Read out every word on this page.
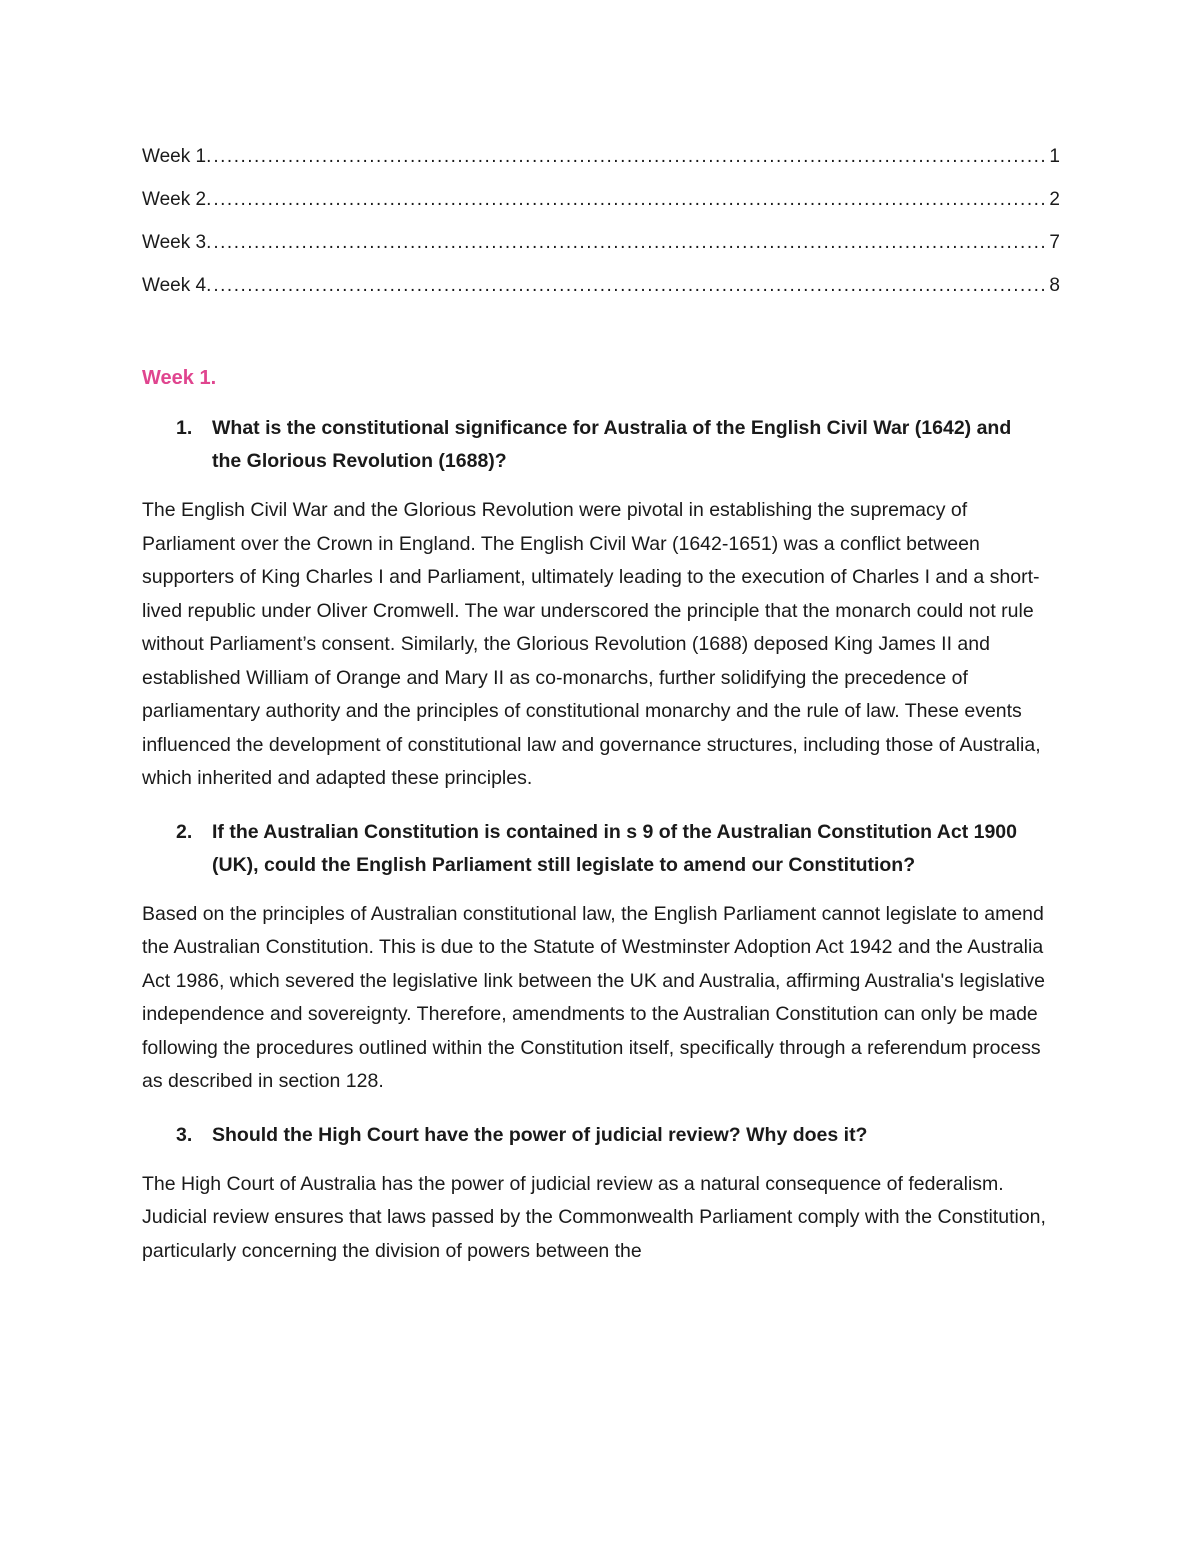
Week 1. .....	1
Week 2. .....	2
Week 3. .....	7
Week 4. .....	8
Week 1.
1.	What is the constitutional significance for Australia of the English Civil War (1642) and the Glorious Revolution (1688)?

The English Civil War and the Glorious Revolution were pivotal in establishing the supremacy of Parliament over the Crown in England. The English Civil War (1642-1651) was a conflict between supporters of King Charles I and Parliament, ultimately leading to the execution of Charles I and a short-lived republic under Oliver Cromwell. The war underscored the principle that the monarch could not rule without Parliament’s consent. Similarly, the Glorious Revolution (1688) deposed King James II and established William of Orange and Mary II as co-monarchs, further solidifying the precedence of parliamentary authority and the principles of constitutional monarchy and the rule of law. These events influenced the development of constitutional law and governance structures, including those of Australia, which inherited and adapted these principles.

2.	If the Australian Constitution is contained in s 9 of the Australian Constitution Act 1900 (UK), could the English Parliament still legislate to amend our Constitution?

Based on the principles of Australian constitutional law, the English Parliament cannot legislate to amend the Australian Constitution. This is due to the Statute of Westminster Adoption Act 1942 and the Australia Act 1986, which severed the legislative link between the UK and Australia, affirming Australia's legislative independence and sovereignty. Therefore, amendments to the Australian Constitution can only be made following the procedures outlined within the Constitution itself, specifically through a referendum process as described in section 128.

3.	Should the High Court have the power of judicial review? Why does it?

The High Court of Australia has the power of judicial review as a natural consequence of federalism. Judicial review ensures that laws passed by the Commonwealth Parliament comply with the Constitution, particularly concerning the division of powers between the
